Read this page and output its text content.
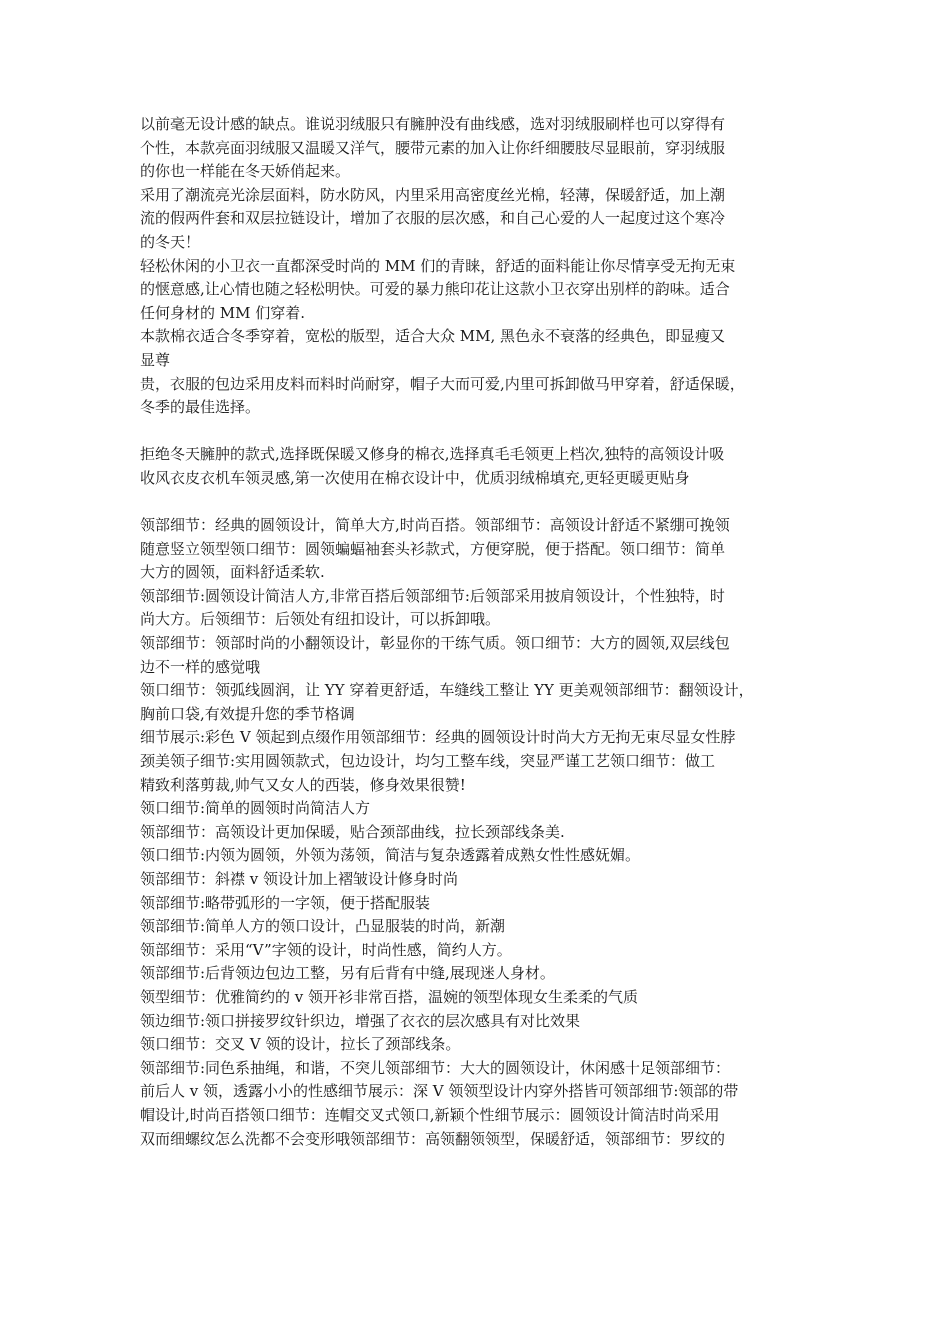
以前毫无设计感的缺点。谁说羽绒服只有臃肿没有曲线感，选对羽绒服刷样也可以穿得有
个性，本款亮面羽绒服又温暖又洋气，腰带元素的加入让你纤细腰肢尽显眼前，穿羽绒服
的你也一样能在冬天娇俏起来。
采用了潮流亮光涂层面料，防水防风，内里采用高密度丝光棉，轻薄，保暖舒适，加上潮
流的假两件套和双层拉链设计，增加了衣服的层次感，和自己心爱的人一起度过这个寒冷
的冬天！
轻松休闲的小卫衣一直都深受时尚的 MM 们的青睐，舒适的面料能让你尽情享受无拘无束
的惬意感,让心情也随之轻松明快。可爱的暴力熊印花让这款小卫衣穿出别样的韵味。适合
任何身材的 MM 们穿着.
本款棉衣适合冬季穿着，宽松的版型，适合大众 MM, 黑色永不衰落的经典色，即显瘦又
显尊
贵，衣服的包边采用皮料而料时尚耐穿，帽子大而可爱,内里可拆卸做马甲穿着，舒适保暖，
冬季的最佳选择。
拒绝冬天臃肿的款式,选择既保暖又修身的棉衣,选择真毛毛领更上档次,独特的高领设计吸
收风衣皮衣机车领灵感,第一次使用在棉衣设计中，优质羽绒棉填充,更轻更暖更贴身
领部细节：经典的圆领设计，简单大方,时尚百搭。领部细节：高领设计舒适不紧绷可挽领
随意竖立领型领口细节：圆领蝙蝠袖套头衫款式，方便穿脱，便于搭配。领口细节：简单
大方的圆领，面料舒适柔软.
领部细节:圆领设计简洁人方,非常百搭后领部细节:后领部采用披肩领设计，个性独特，时
尚大方。后领细节：后领处有纽扣设计，可以拆卸哦。
领部细节：领部时尚的小翻领设计，彰显你的干练气质。领口细节：大方的圆领,双层线包
边不一样的感觉哦
领口细节：领弧线圆润，让 YY 穿着更舒适，车缝线工整让 YY 更美观领部细节：翻领设计，
胸前口袋,有效提升您的季节格调
细节展示:彩色 V 领起到点缀作用领部细节：经典的圆领设计时尚大方无拘无束尽显女性脖
颈美领子细节:实用圆领款式，包边设计，均匀工整车线，突显严谨工艺领口细节：做工
精致利落剪裁,帅气又女人的西装，修身效果很赞!
领口细节:简单的圆领时尚简洁人方
领部细节：高领设计更加保暖，贴合颈部曲线，拉长颈部线条美.
领口细节:内领为圆领，外领为荡领，简洁与复杂透露着成熟女性性感妩媚。
领部细节：斜襟 v 领设计加上褶皱设计修身时尚
领部细节:略带弧形的一字领，便于搭配服装
领部细节:简单人方的领口设计，凸显服装的时尚，新潮
领部细节：采用“V”字领的设计，时尚性感，简约人方。
领部细节:后背领边包边工整，另有后背有中缝,展现迷人身材。
领型细节：优雅简约的 v 领开衫非常百搭，温婉的领型体现女生柔柔的气质
领边细节:领口拼接罗纹针织边，增强了衣衣的层次感具有对比效果
领口细节：交叉 V 领的设计，拉长了颈部线条。
领部细节:同色系抽绳，和谐，不突儿领部细节：大大的圆领设计，休闲感十足领部细节：
前后人 v 领，透露小小的性感细节展示：深 V 领领型设计内穿外搭皆可领部细节:领部的带
帽设计,时尚百搭领口细节：连帽交叉式领口,新颖个性细节展示：圆领设计简洁时尚采用
双而细螺纹怎么洗都不会变形哦领部细节：高领翻领领型，保暖舒适，领部细节：罗纹的
